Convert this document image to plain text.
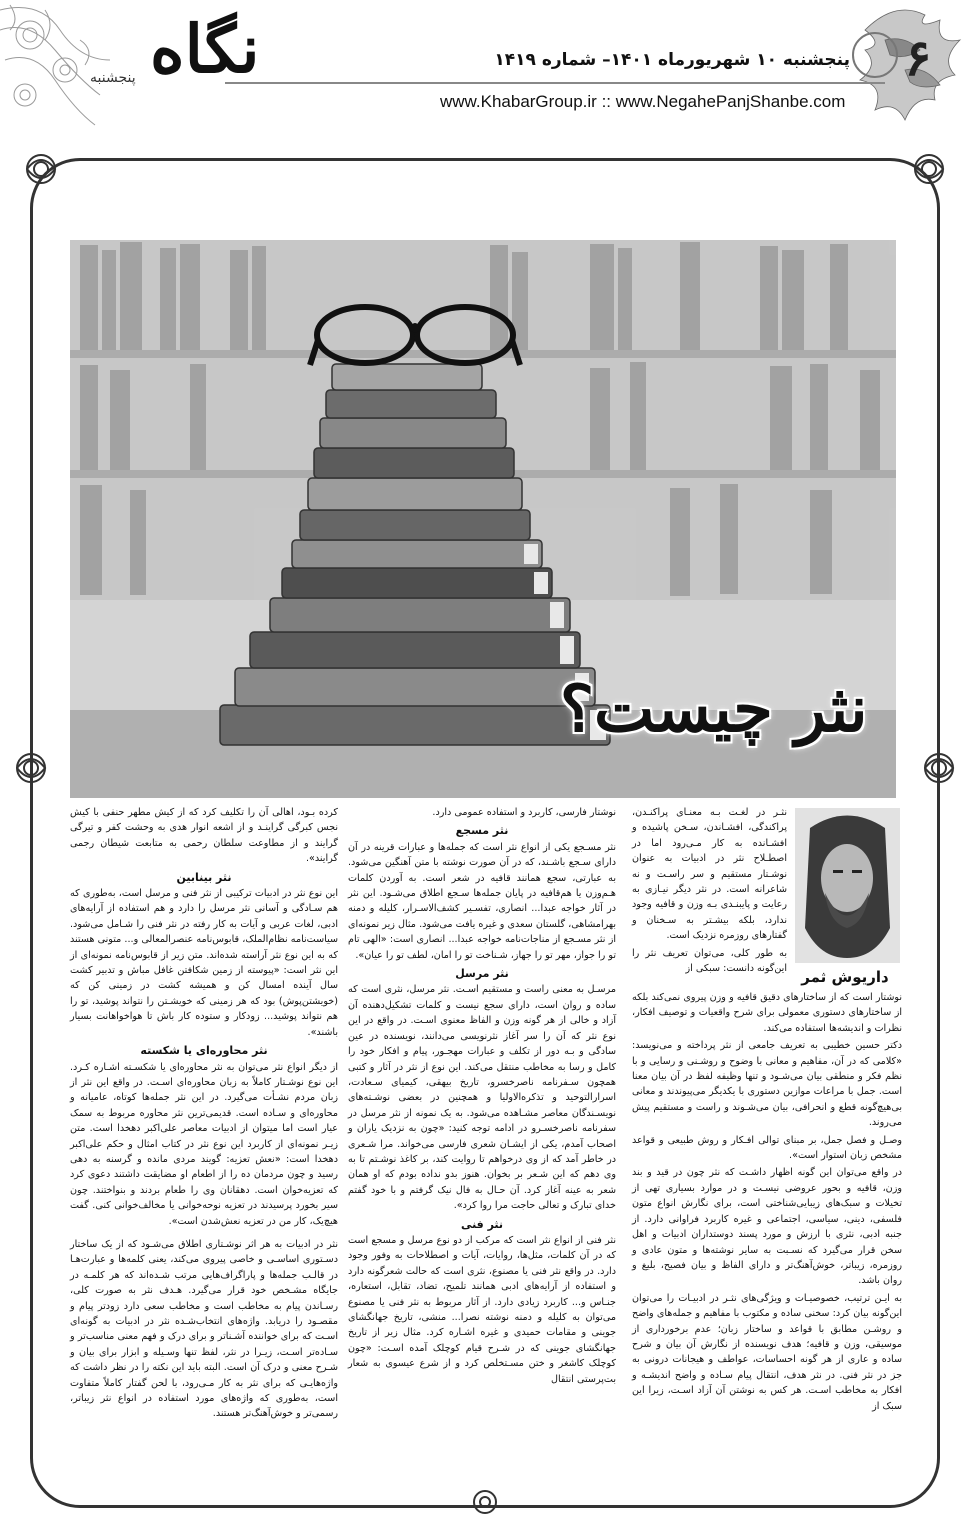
۶
نگاه
پنجشنبه
پنجشنبه ۱۰ شهریورماه ۱۴۰۱– شماره ۱۴۱۹
www.KhabarGroup.ir :: www.NegahePanjShanbe.com
نثر چیست؟
داریوش ثمر

نثـر در لغـت بـه معنـای پراکنـدن، پراکندگی، افشـاندن، سـخن پاشیده و افشـانده به کار مـی‌رود اما در اصطـلاح نثر در ادبیات به عنوان نوشـتار مستقیم و سر راسـت و نه شاعرانه است. در نثر دیگر نیـازی به رعایت و پایبنـدی بـه وزن و قافیه وجود ندارد، بلکه بیشـتر به سـخنان و گفتارهای روزمره نزدیک است.

به طور کلی، می‌توان تعریف نثر را این‌گونه دانست: سبکی از

نوشتار است که از ساختارهای دقیق قافیه و وزن پیروی نمی‌کند بلکه از ساختارهای دستوری معمولی برای شرح واقعیات و توصیف افکار، نظرات و اندیشه‌ها استفاده می‌کند.

دکتر حسین خطیبی به تعریف جامعی از نثر پرداخته و می‌نویسد: «کلامی که در آن، مفاهیم و معانی با وضوح و روشـنی و رسایی و با نظم فکر و منطقی بیان می‌شـود و تنها وظیفه لفظ در آن بیان معنا است. جمل با مراعات موازین دستوری با یکدیگر می‌پیوندند و معانی بی‌هیچ‌گونه قطع و انحرافی، بیان می‌شـوند و راست و مستقیم پیش می‌روند.

وصـل و فصل جمل، بر مبنای توالی افـکار و روش طبیعی و قواعد مشخص زبان استوار است».

در واقع می‌توان این گونه اظهار داشـت که نثر چون در قید و بند وزن، قافیه و بحور عروضی نیسـت و در موارد بسیاری تهی از تخیلات و سبک‌های زیبایی‌شناختی است، برای نگارش انواع متون فلسفی، دینی، سیاسی، اجتماعی و غیره کاربرد فراوانی دارد. از جنبه ادبی، نثری با ارزش و مورد پسند دوستداران ادبیات و اهل سخن قرار می‌گیرد که نسـبت به سایر نوشته‌ها و متون عادی و روزمره، زیباتر، خوش‌آهنگ‌تر و دارای الفاظ و بیان فصیح، بلیغ و روان باشد.

به ایـن ترتیب، خصوصیـات و ویژگی‌های نثـر در ادبیـات را می‌توان این‌گونه بیان کرد: سخنی ساده و مکتوب با مفاهیم و جمله‌های واضح و روشـن مطابق با قواعد و ساختار زبان؛ عدم برخورداری از موسیقی، وزن و قافیه؛ هدف نویسنده از نگارش آن بیان و شرح ساده و عاری از هر گونه احساسات، عواطف و هیجانات درونی به جز در نثر فنی. در نثر هدف، انتقال پیام سـاده و واضح اندیشـه و افکار به مخاطب اسـت. هر کس به نوشتن آن آزاد اسـت، زیرا این سبک از

نوشتار فارسی، کاربرد و استفاده عمومی دارد.

نثر مسجع

نثر مسـجع یکی از انواع نثر است که جمله‌ها و عبارات قرینه در آن دارای سـجع باشـند، که در آن صورت نوشته با متن آهنگین می‌شود. به عبارتی، سجع همانند قافیه در شعر است. به آوردن کلمات هـم‌وزن یا هم‌قافیه در پایان جمله‌ها سـجع اطلاق می‌شـود. این نثر در آثار خواجه عبدا... انصاری، تفسـیر کشف‌الاسـرار، کلیله و دمنه بهرامشاهی، گلستان سعدی و غیره یافت می‌شود. مثال زیر نمونه‌ای از نثر مسـجع از مناجات‌نامه خواجه عبدا... انصاری است: «الهی تام تو را جواز، مهر تو را جهاز، شـناخت تو را امان، لطف تو را عیان».

نثر مرسل

مرسـل به معنی راست و مستقیم اسـت. نثر مرسل، نثری است که ساده و روان است، دارای سجع نیست و کلمات تشکیل‌دهنده آن آزاد و خالی از هر گونه وزن و الفاظ معنوی اسـت. در واقع در این نوع نثر که آن را سر آغاز نثرنویسی می‌دانند، نویسنده در عین سادگی و بـه دور از تکلف و عبارات مهجـور، پیام و افکار خود را کامل و رسا به مخاطب منتقل می‌کند. این نوع از نثر در آثار و کتبی همچون سـفرنامه ناصرخسرو، تاریخ بیهقی، کیمیای سـعادت، اسرارالتوحید و تذکره‌الاولیا و همچنین در بعضی نوشـته‌های نویسـندگان معاصر مشـاهده می‌شود. به یک نمونه از نثر مرسل در سفرنامه ناصرخسـرو در ادامه توجه کنید: «چون به نزدیک یاران و اصحاب آمدم، یکی از ایشـان شعری فارسی می‌خواند. مرا شـعری در خاطر آمد که از وی درخواهم تا روایت کند، بر کاغذ نوشـتم تا به وی دهم که این شـعر بر بخوان. هنوز بدو نداده بودم که او همان شعر به عینه آغاز کرد. آن حـال به فال نیک گرفتم و با خود گفتم خدای تبارک و تعالی حاجت مرا روا کرد».

نثر فنی

نثر فنی از انواع نثر است که مرکب از دو نوع مرسل و مسجع است که در آن کلمات، مثل‌ها، روایات، آیات و اصطلاحات به وفور وجود دارد. در واقع نثر فنی یا مصنوع، نثری است که حالت شعرگونه دارد و استفاده از آرایه‌های ادبی همانند تلمیح، تضاد، تقابل، استعاره، جنـاس و... کاربرد زیادی دارد. از آثار مربوط به نثر فنی یا مصنوع می‌توان به کلیله و دمنه نوشته نصرا... منشی، تاریخ جهانگشای جوینی و مقامات حمیدی و غیره اشـاره کرد. مثال زیر از تاریخ جهانگشای جوینی که در شـرح قیام کوچلک آمده اسـت: «چون کوچلک کاشغر و ختن مسـتخلص کرد و از شرع عیسوی به شعار بت‌پرستی انتقال

کرده بـود، اهالی آن را تکلیف کرد که از کیش مطهر حنفی با کیش نجس کبرگی گراینـد و از اشعه انوار هدی به وحشت کفر و تیرگی گرایند و از مطاوعت سلطان رحمی به متابعت شیطان رجمی گرایند».

نثر بینابین

این نوع نثر در ادبیات ترکیبی از نثر فنی و مرسل است، به‌طوری که هم سـادگی و آسانی نثر مرسل را دارد و هم استفاده از آرایه‌های ادبی، لغات عربی و آیات به کار رفته در نثر فنی را شـامل می‌شود. سیاست‌نامه نظام‌الملک، قابوس‌نامه عنصرالمعالی و... متونی هستند که به این نوع نثر آراسته شده‌اند. متن زیر از قابوس‌نامه نمونه‌ای از این نثر است: «پیوسته از زمین شکافتن غافل مباش و تدبیر کشت سال آینده امسال کن و همیشه کشت در زمینی کن که (خویشتن‌پوش) بود که هر زمینی که خویشـتن را نتواند پوشید، تو را هم نتواند پوشید... زودکار و ستوده کار باش تا هواخواهانت بسیار باشند».

نثر محاوره‌ای یا شکسته

از دیگر انواع نثر می‌توان به نثر محاوره‌ای یا شکسـته اشـاره کـرد. این نوع نوشـتار کاملاً به زبان محاوره‌ای اسـت. در واقع این نثر از زبان مردم نشـأت می‌گیرد. در این نثر جمله‌ها کوتاه، عامیانه و محاوره‌ای و سـاده است. قدیمی‌ترین نثر محاوره مربوط به سمک عیار است اما میتوان از ادبیات معاصر علی‌اکبر دهخدا است. متن زیـر نمونه‌ای از کاربرد این نوع نثر در کتاب امثال و حکم علی‌اکبر دهخدا است: «نعش تعزیه: گویند مردی مانده و گرسنه به دهی رسید و چون مردمان ده را از اطعام او مضایقت داشتند دعوی کرد که تعزیه‌خوان است. دهقانان وی را طعام بردند و بنواختند. چون سیر بخورد پرسیدند در تعزیه نوحه‌خوانی یا مخالف‌خوانی کنی. گفت هیچ‌یک، کار من در تعزیه نعش‌شدن است».

نثر در ادبیات به هر اثر نوشـتاری اطلاق می‌شـود که از یک ساختار دسـتوری اساسـی و خاصی پیروی می‌کند، یعنی کلمه‌ها و عبارت‌هـا در قالـب جمله‌ها و پاراگراف‌هایی مرتب شـده‌اند که هر کلمـه در جایگاه مشـخص خود قرار می‌گیرد. هـدف نثر به صورت کلی، رسـاندن پیام به مخاطب است و مخاطب سعی دارد زودتر پیام و مقصـود را دریابد. واژه‌های انتخاب‌شـده نثر در ادبیات به گونه‌ای اسـت که برای خواننده آشـناتر و برای درک و فهم معنی مناسب‌تر و سـاده‌تر اسـت، زیـرا در نثر، لفظ تنها وسـیله و ابزار برای بیان و شـرح معنی و درک آن است. البته باید این نکته را در نظر داشت که واژه‌هایـی که برای نثر به کار مـی‌رود، با لحن گفتار کاملاً متفاوت است، به‌طوری که واژه‌های مورد استفاده در انواع نثر زیباتر، رسمی‌تر و خوش‌آهنگ‌تر هستند.
